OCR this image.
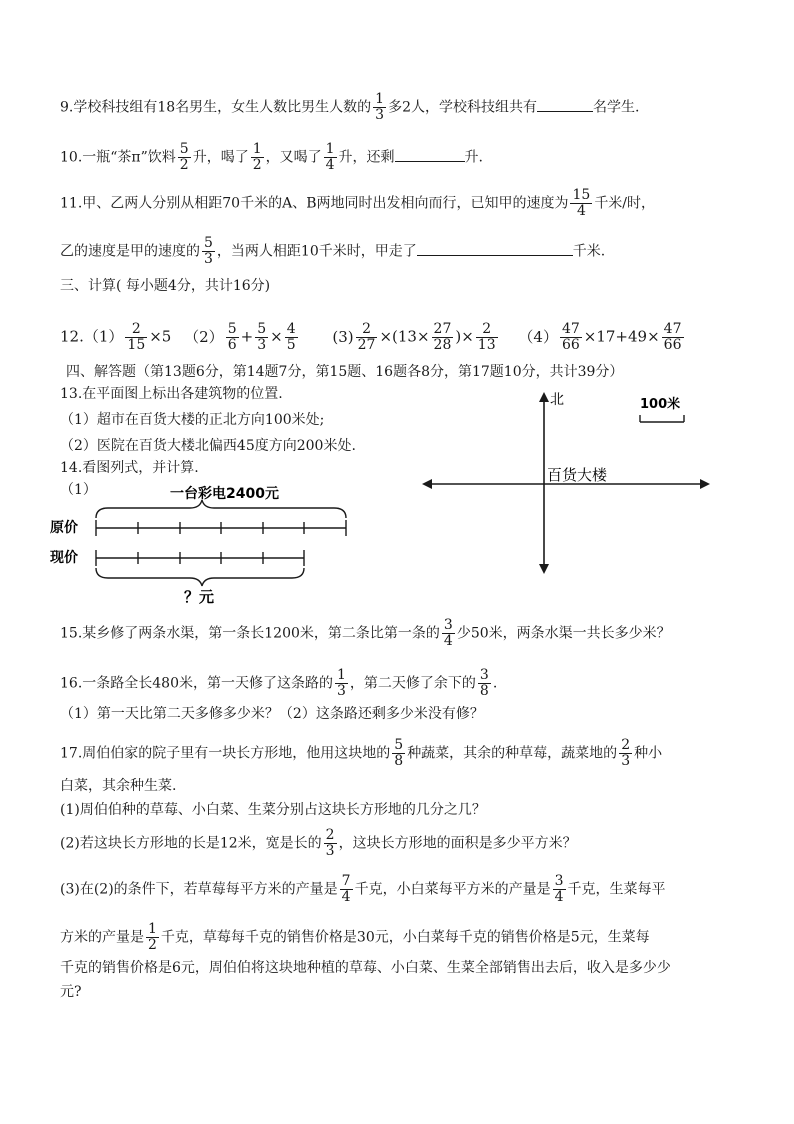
9.学校科技组有18名男生，女生人数比男生人数的 $\frac{1}{3}$ 多2人，学校科技组共有	名学生.
10.一瓶“茶π”饮料 $\frac{5}{2}$ 升，喝了 $\frac{1}{2}$ ，又喝了 $\frac{1}{4}$ 升，还剩	升.
11.甲、乙两人分别从相距70千米的A、B两地同时出发相向而行，已知甲的速度为 $\frac{15}{4}$ 千米/时，
乙的速度是甲的速度的 $\frac{5}{3}$ ，当两人相距10千米时，甲走了	千米.
三、计算( 每小题4分，共计16分)
$12.(1) \frac{2}{15} \times 5$ $(2) \frac{5}{6} + \frac{5}{3} \times \frac{4}{5} (3) \frac{2}{27} \times(13\times \frac{27}{28}$ )× $\frac{2}{13} (4) \frac{47}{66} \times 17+49\times \frac{47}{66}$
四、解答题（第13题6分，第14题7分，第15题、16题各8分，第17题10分，共计39分）
13.在平面图上标出各建筑物的位置.
（1）超市在百货大楼的正北方向100米处;
（2）医院在百货大楼北偏西45度方向200米处.
北
百货大楼
100米
14.看图列式，并计算.
（1）	一台彩电2400元
原价
现价
？元
15.某乡修了两条水渠，第一条长1200米，第二条比第一条的 $\frac{3}{4}$ 少50米，两条水渠一共长多少米？
16.一条路全长480米，第一天修了这条路的 $\frac{1}{3}$ ，第二天修了余下的 $\frac{3}{8}$ .
（1）第一天比第二天多修多少米？（2）这条路还剩多少米没有修？
17.周伯伯家的院子里有一块长方形地，他用这块地的 $\frac{5}{8}$ 种蔬菜，其余的种草莓，蔬菜地的 $\frac{2}{3}$ 种小
白菜，其余种生菜.
(1)周伯伯种的草莓、小白菜、生菜分别占这块长方形地的几分之几？
(2)若这块长方形地的长是12米，宽是长的 $\frac{2}{3}$ ，这块长方形地的面积是多少平方米？
(3)在(2)的条件下，若草莓每平方米的产量是 $\frac{7}{4}$ 千克，小白菜每平方米的产量是 $\frac{3}{4}$ 千克，生菜每平
方米的产量是 $\frac{1}{2}$ 千克，草莓每千克的销售价格是30元，小白菜每千克的销售价格是5元，生菜每
千克的销售价格是6元，周伯伯将这块地种植的草莓、小白菜、生菜全部销售出去后，收入是多少少
元?
